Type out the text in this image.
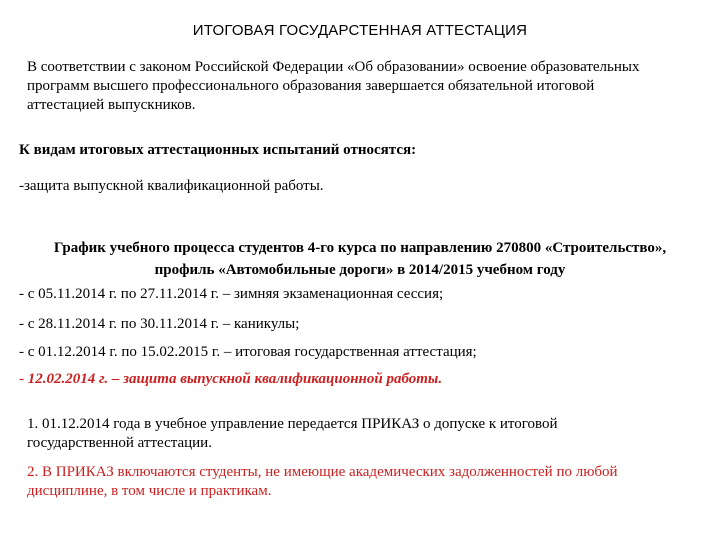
ИТОГОВАЯ ГОСУДАРСТЕННАЯ АТТЕСТАЦИЯ
В соответствии с законом Российской Федерации «Об образовании» освоение образовательных
программ высшего профессионального образования завершается обязательной итоговой
аттестацией выпускников.
К видам итоговых аттестационных испытаний относятся:
-защита выпускной квалификационной работы.
График учебного процесса студентов 4-го курса по направлению 270800 «Строительство»,
профиль «Автомобильные дороги» в 2014/2015 учебном году
- с 05.11.2014 г. по 27.11.2014 г. – зимняя экзаменационная сессия;
- с 28.11.2014 г. по 30.11.2014 г. – каникулы;
- с 01.12.2014 г. по 15.02.2015 г. – итоговая государственная аттестация;
- 12.02.2014 г. – защита выпускной квалификационной работы.
1. 01.12.2014 года в учебное управление передается ПРИКАЗ о допуске к итоговой
государственной аттестации.
2. В ПРИКАЗ включаются студенты, не имеющие академических задолженностей по любой
дисциплине, в том числе и практикам.
